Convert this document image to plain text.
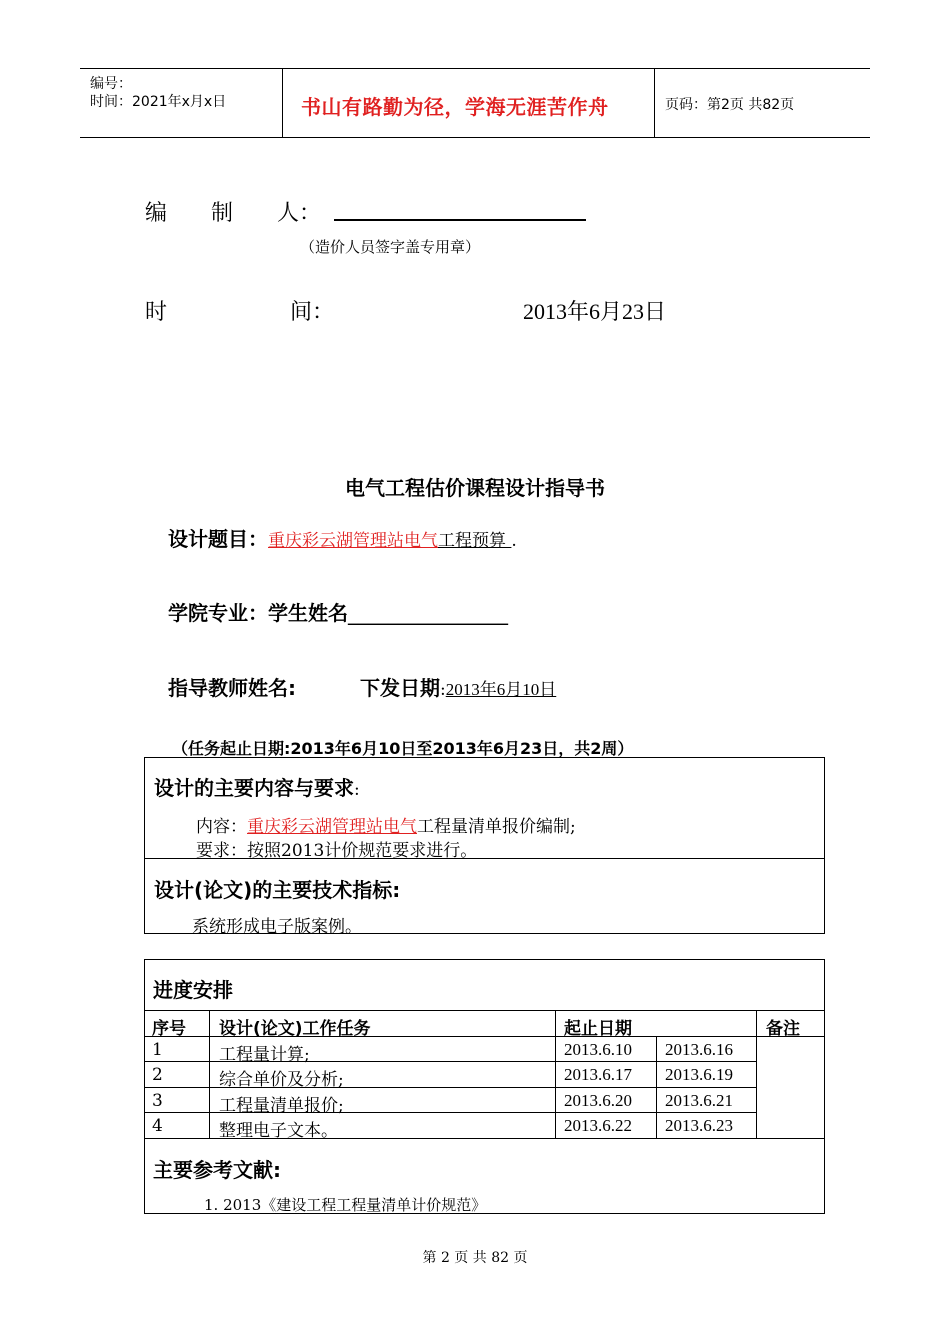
编号：
时间：2021年x月x日	书山有路勤为径，学海无涯苦作舟	页码：第2页 共82页
编　　制　　人：
（造价人员签字盖专用章）
时	间：	2013年6月23日
电气工程估价课程设计指导书
设计题目：重庆彩云湖管理站电气工程预算 .
学院专业：学生姓名________________
指导教师姓名:	下发日期:2013年6月10日
（任务起止日期:2013年6月10日至2013年6月23日，共2周）
设计的主要内容与要求:
内容：重庆彩云湖管理站电气工程量清单报价编制;
要求：按照2013计价规范要求进行。
设计(论文)的主要技术指标:
系统形成电子版案例。
进度安排
序号 设计(论文)工作任务	起止日期	备注
1	工程量计算;	2013.6.10 2013.6.16
2	综合单价及分析;	2013.6.17 2013.6.19
3	工程量清单报价;	2013.6.20 2013.6.21
4	整理电子文本。	2013.6.22 2013.6.23
主要参考文献:
1. 2013《建设工程工程量清单计价规范》
第 2 页 共 82 页
